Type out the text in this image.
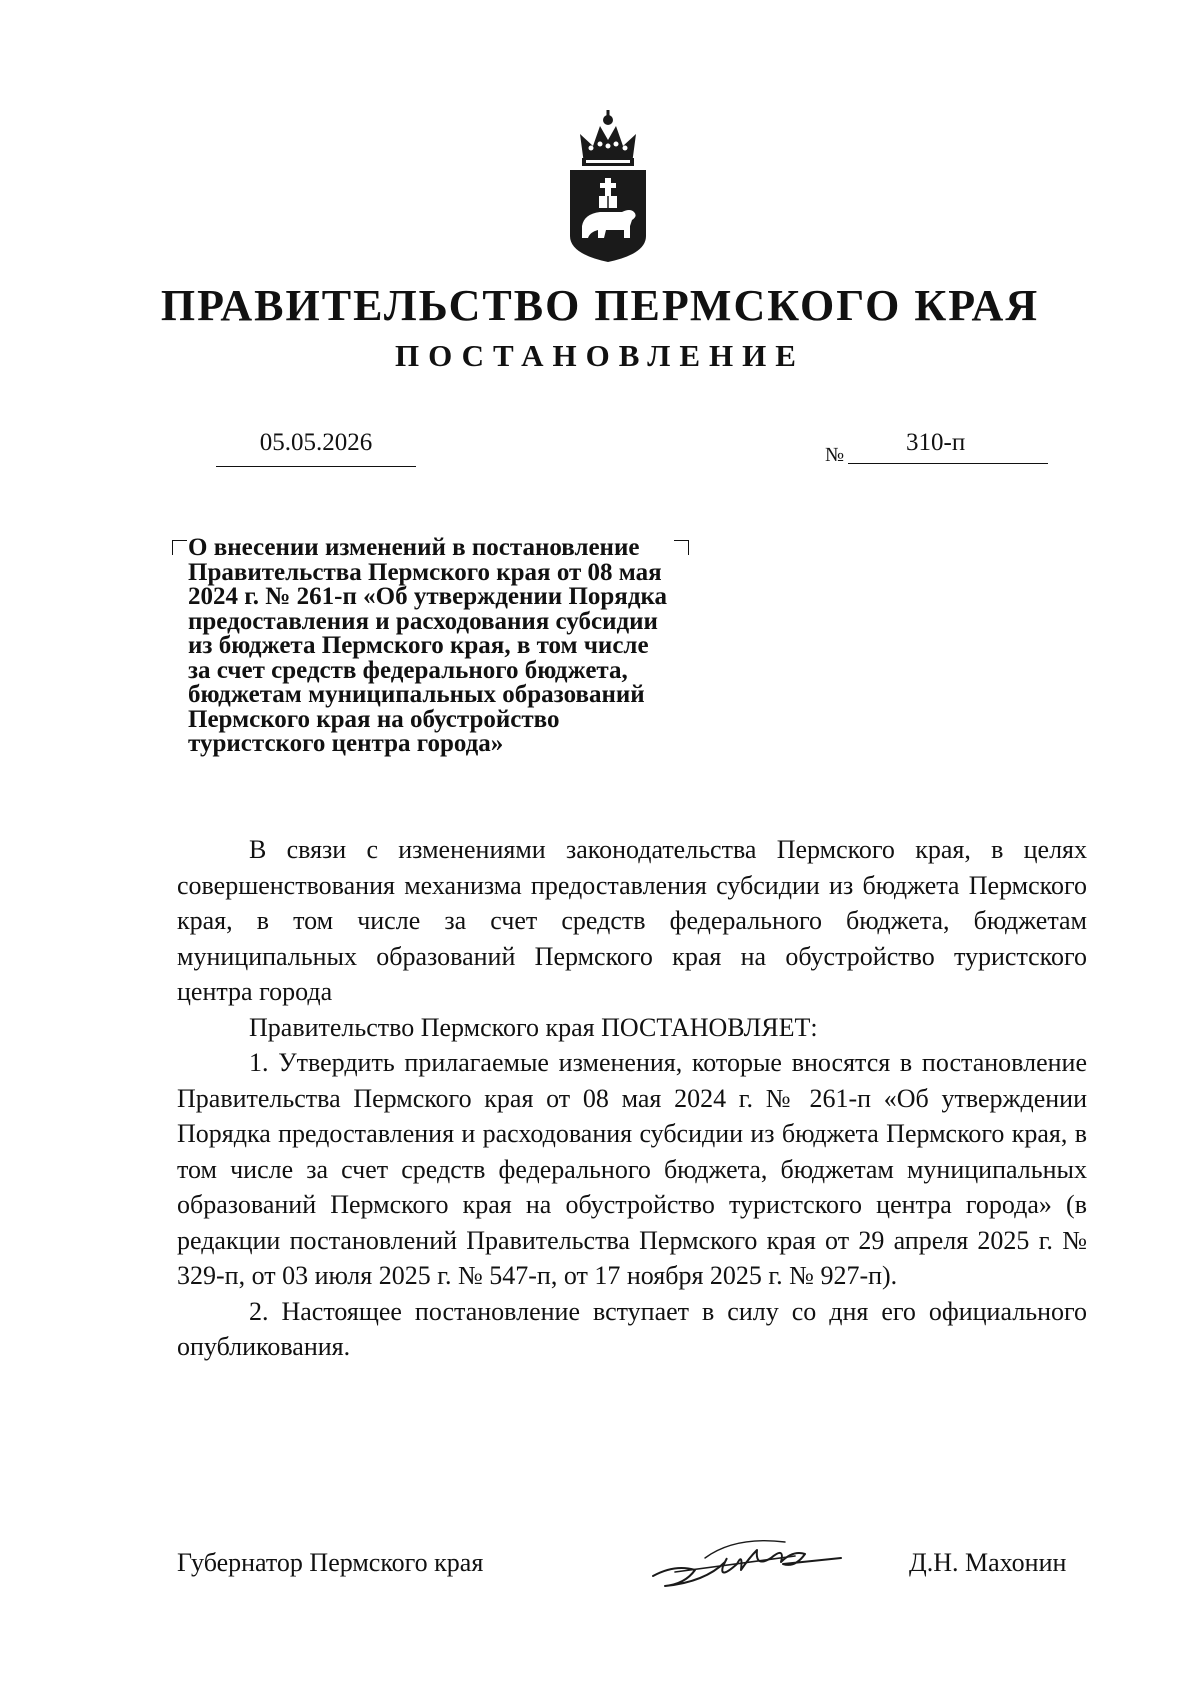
ПРАВИТЕЛЬСТВО ПЕРМСКОГО КРАЯ
ПОСТАНОВЛЕНИЕ
05.05.2026	№	310-п
О внесении изменений в постановление
Правительства Пермского края от 08 мая
2024 г. № 261-п «Об утверждении Порядка
предоставления и расходования субсидии
из бюджета Пермского края, в том числе
за счет средств федерального бюджета,
бюджетам муниципальных образований
Пермского края на обустройство
туристского центра города»

В связи с изменениями законодательства Пермского края, в целях совершенствования механизма предоставления субсидии из бюджета Пермского края, в том числе за счет средств федерального бюджета, бюджетам муниципальных образований Пермского края на обустройство туристского центра города

Правительство Пермского края ПОСТАНОВЛЯЕТ:

1. Утвердить прилагаемые изменения, которые вносятся в постановление Правительства Пермского края от 08 мая 2024 г. № 261-п «Об утверждении Порядка предоставления и расходования субсидии из бюджета Пермского края, в том числе за счет средств федерального бюджета, бюджетам муниципальных образований Пермского края на обустройство туристского центра города» (в редакции постановлений Правительства Пермского края от 29 апреля 2025 г. № 329-п, от 03 июля 2025 г. № 547-п, от 17 ноября 2025 г. № 927-п).

2. Настоящее постановление вступает в силу со дня его официального опубликования.

Губернатор Пермского края	Д.Н. Махонин
